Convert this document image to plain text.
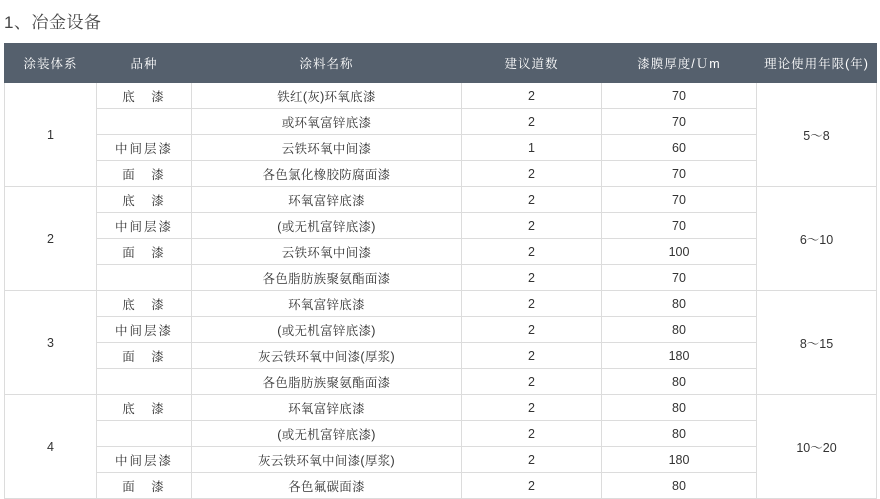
1、冶金设备
涂装体系	品种	涂料名称	建议道数	漆膜厚度/Ｕm	理论使用年限(年)
1	底　漆	铁红(灰)环氧底漆	2	70	5～8
		或环氧富锌底漆	2	70	
	中间层漆	云铁环氧中间漆	1	60	
	面　漆	各色氯化橡胶防腐面漆	2	70	
2	底　漆	环氧富锌底漆	2	70	6～10
	中间层漆	(或无机富锌底漆)	2	70	
	面　漆	云铁环氧中间漆	2	100	
		各色脂肪族聚氨酯面漆	2	70	
3	底　漆	环氧富锌底漆	2	80	8～15
	中间层漆	(或无机富锌底漆)	2	80	
	面　漆	灰云铁环氧中间漆(厚浆)	2	180	
		各色脂肪族聚氨酯面漆	2	80	
4	底　漆	环氧富锌底漆	2	80	10～20
		(或无机富锌底漆)	2	80	
	中间层漆	灰云铁环氧中间漆(厚浆)	2	180	
	面　漆	各色氟碳面漆	2	80	
